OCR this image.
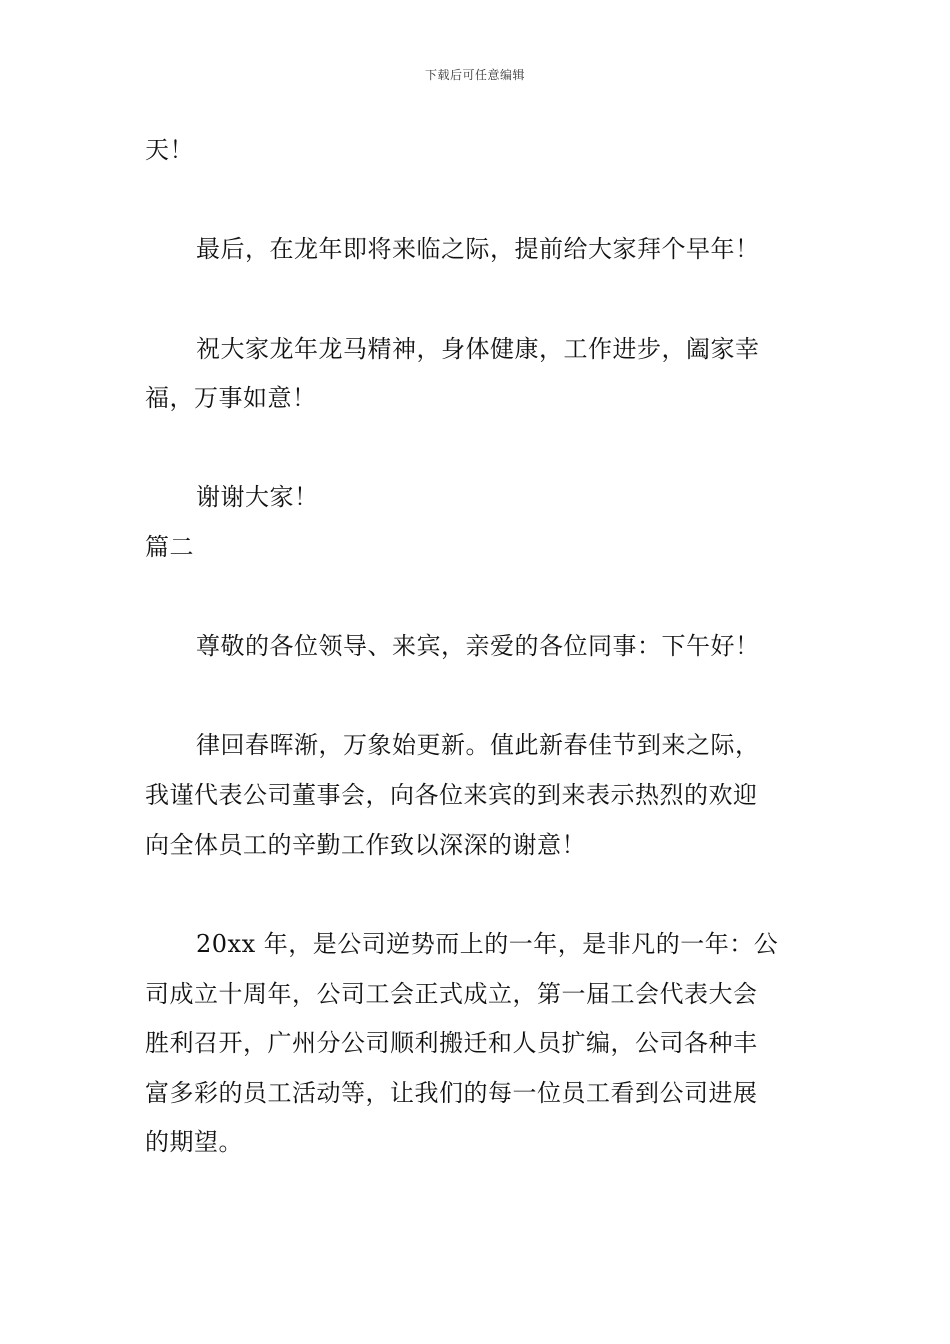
下载后可任意编辑
天！
最后，在龙年即将来临之际，提前给大家拜个早年！
祝大家龙年龙马精神，身体健康，工作进步，阖家幸
福，万事如意！
谢谢大家！
篇二
尊敬的各位领导、来宾，亲爱的各位同事：下午好！
律回春晖渐，万象始更新。值此新春佳节到来之际，
我谨代表公司董事会，向各位来宾的到来表示热烈的欢迎
向全体员工的辛勤工作致以深深的谢意！
20xx 年，是公司逆势而上的一年，是非凡的一年：公
司成立十周年，公司工会正式成立，第一届工会代表大会
胜利召开，广州分公司顺利搬迁和人员扩编，公司各种丰
富多彩的员工活动等，让我们的每一位员工看到公司进展
的期望。
